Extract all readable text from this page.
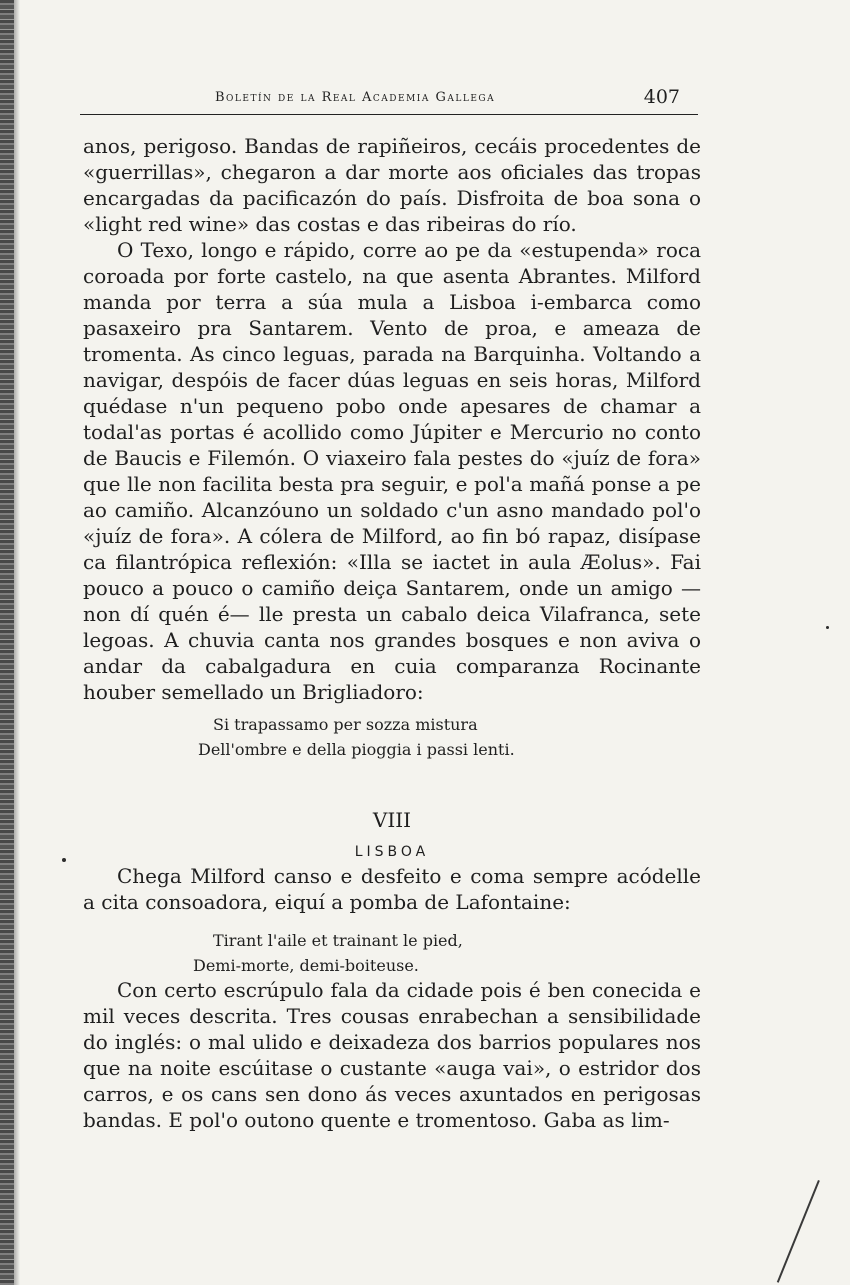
Boletín de la Real Academia Gallega	407

anos, perigoso. Bandas de rapiñeiros, cecáis procedentes de «guerrillas», chegaron a dar morte aos oficiales das tropas encargadas da pacificazón do país. Disfroita de boa sona o «light red wine» das costas e das ribeiras do río.

O Texo, longo e rápido, corre ao pe da «estupenda» roca coroada por forte castelo, na que asenta Abrantes. Milford manda por terra a súa mula a Lisboa i-embarca como pasaxeiro pra Santarem. Vento de proa, e ameaza de tromenta. As cinco leguas, parada na Barquinha. Voltando a navigar, despóis de facer dúas leguas en seis horas, Milford quédase n'un pequeno pobo onde apesares de chamar a todal'as portas é acollido como Júpiter e Mercurio no conto de Baucis e Filemón. O viaxeiro fala pestes do «juíz de fora» que lle non facilita besta pra seguir, e pol'a mañá ponse a pe ao camiño. Alcanzóuno un soldado c'un asno mandado pol'o «juíz de fora». A cólera de Milford, ao fin bó rapaz, disípase ca filantrópica reflexión: «Illa se iactet in aula Æolus». Fai pouco a pouco o camiño deiça Santarem, onde un amigo —non dí quén é— lle presta un cabalo deica Vilafranca, sete legoas. A chuvia canta nos grandes bosques e non aviva o andar da cabalgadura en cuia comparanza Rocinante houber semellado un Brigliadoro:

Si trapassamo per sozza mistura
Dell'ombre e della pioggia i passi lenti.
VIII
LISBOA

Chega Milford canso e desfeito e coma sempre acódelle a cita consoadora, eiquí a pomba de Lafontaine:

Tirant l'aile et trainant le pied,
Demi-morte, demi-boiteuse.

Con certo escrúpulo fala da cidade pois é ben conecida e mil veces descrita. Tres cousas enrabechan a sensibilidade do inglés: o mal ulido e deixadeza dos barrios populares nos que na noite escúitase o custante «auga vai», o estridor dos carros, e os cans sen dono ás veces axuntados en perigosas bandas. E pol'o outono quente e tromentoso. Gaba as lim-
